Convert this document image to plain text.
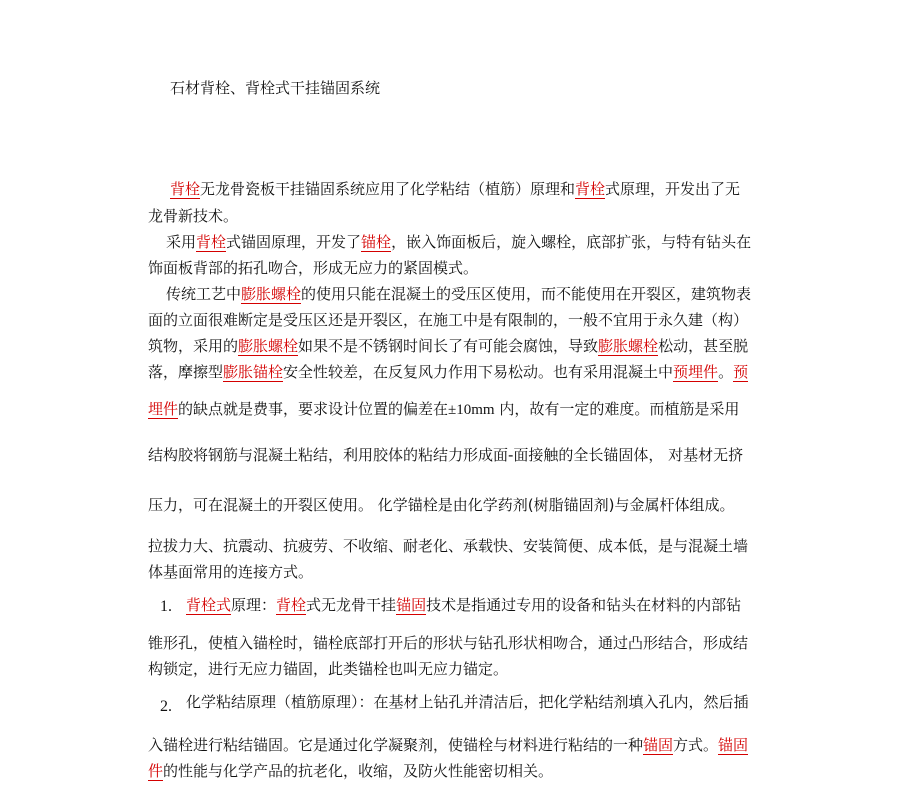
石材背栓、背栓式干挂锚固系统
背栓无龙骨瓷板干挂锚固系统应用了化学粘结（植筋）原理和背栓式原理，开发出了无
龙骨新技术。
采用背栓式锚固原理，开发了锚栓，嵌入饰面板后，旋入螺栓，底部扩张，与特有钻头在
饰面板背部的拓孔吻合，形成无应力的紧固模式。
传统工艺中膨胀螺栓的使用只能在混凝土的受压区使用，而不能使用在开裂区，建筑物表
面的立面很难断定是受压区还是开裂区，在施工中是有限制的，一般不宜用于永久建（构）
筑物，采用的膨胀螺栓如果不是不锈钢时间长了有可能会腐蚀，导致膨胀螺栓松动，甚至脱
落，摩擦型膨胀锚栓安全性较差，在反复风力作用下易松动。也有采用混凝土中预埋件。预
埋件的缺点就是费事，要求设计位置的偏差在±10mm 内，故有一定的难度。而植筋是采用
结构胶将钢筋与混凝土粘结，利用胶体的粘结力形成面-面接触的全长锚固体， 对基材无挤
压力，可在混凝土的开裂区使用。 化学锚栓是由化学药剂(树脂锚固剂)与金属杆体组成。
拉拔力大、抗震动、抗疲劳、不收缩、耐老化、承载快、安装简便、成本低，是与混凝土墙
体基面常用的连接方式。
1. 背栓式原理：背栓式无龙骨干挂锚固技术是指通过专用的设备和钻头在材料的内部钻
锥形孔，使植入锚栓时，锚栓底部打开后的形状与钻孔形状相吻合，通过凸形结合，形成结
构锁定，进行无应力锚固，此类锚栓也叫无应力锚定。
2. 化学粘结原理（植筋原理）：在基材上钻孔并清洁后，把化学粘结剂填入孔内，然后插
入锚栓进行粘结锚固。它是通过化学凝聚剂，使锚栓与材料进行粘结的一种锚固方式。锚固
件的性能与化学产品的抗老化，收缩，及防火性能密切相关。
